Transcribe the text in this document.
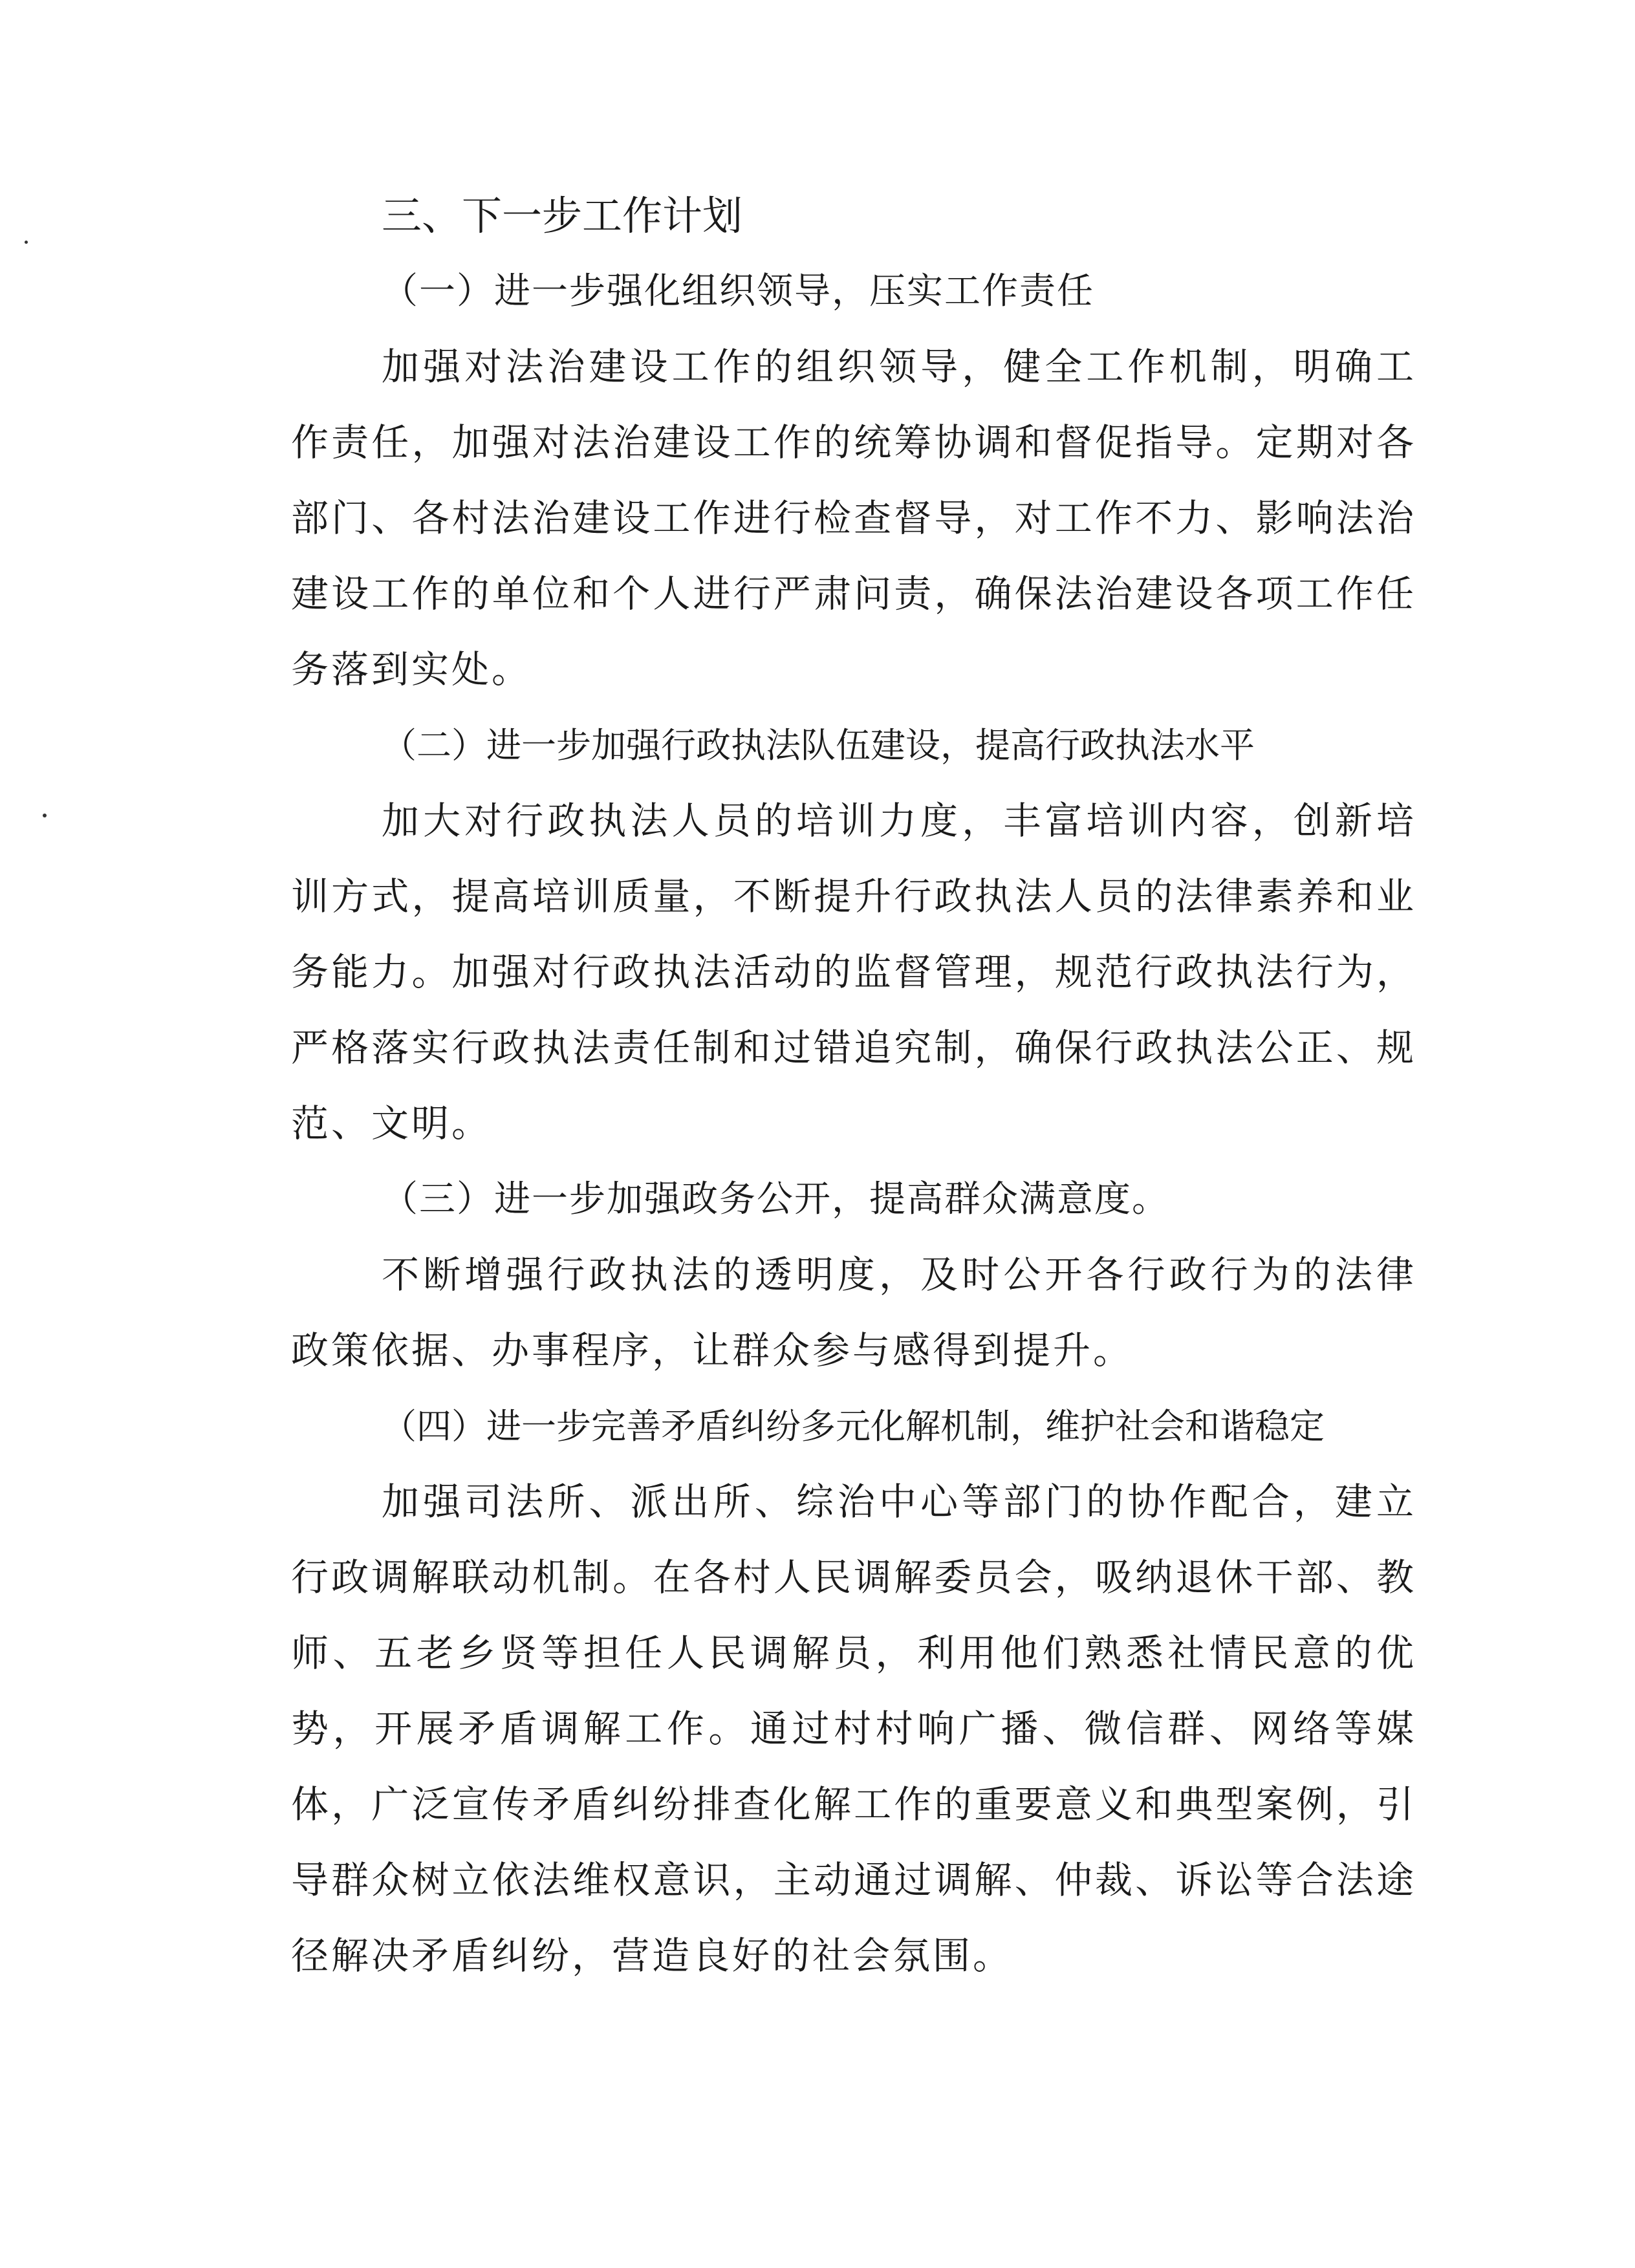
三、下一步工作计划
（一）进一步强化组织领导，压实工作责任

加强对法治建设工作的组织领导，健全工作机制，明确工作责任，加强对法治建设工作的统筹协调和督促指导。定期对各部门、各村法治建设工作进行检查督导，对工作不力、影响法治建设工作的单位和个人进行严肃问责，确保法治建设各项工作任务落到实处。

（二）进一步加强行政执法队伍建设，提高行政执法水平

加大对行政执法人员的培训力度，丰富培训内容，创新培训方式，提高培训质量，不断提升行政执法人员的法律素养和业务能力。加强对行政执法活动的监督管理，规范行政执法行为，严格落实行政执法责任制和过错追究制，确保行政执法公正、规范、文明。

（三）进一步加强政务公开，提高群众满意度。

不断增强行政执法的透明度，及时公开各行政行为的法律政策依据、办事程序，让群众参与感得到提升。

（四）进一步完善矛盾纠纷多元化解机制，维护社会和谐稳定

加强司法所、派出所、综治中心等部门的协作配合，建立行政调解联动机制。在各村人民调解委员会，吸纳退休干部、教师、五老乡贤等担任人民调解员，利用他们熟悉社情民意的优势，开展矛盾调解工作。通过村村响广播、微信群、网络等媒体，广泛宣传矛盾纠纷排查化解工作的重要意义和典型案例，引导群众树立依法维权意识，主动通过调解、仲裁、诉讼等合法途径解决矛盾纠纷，营造良好的社会氛围。
